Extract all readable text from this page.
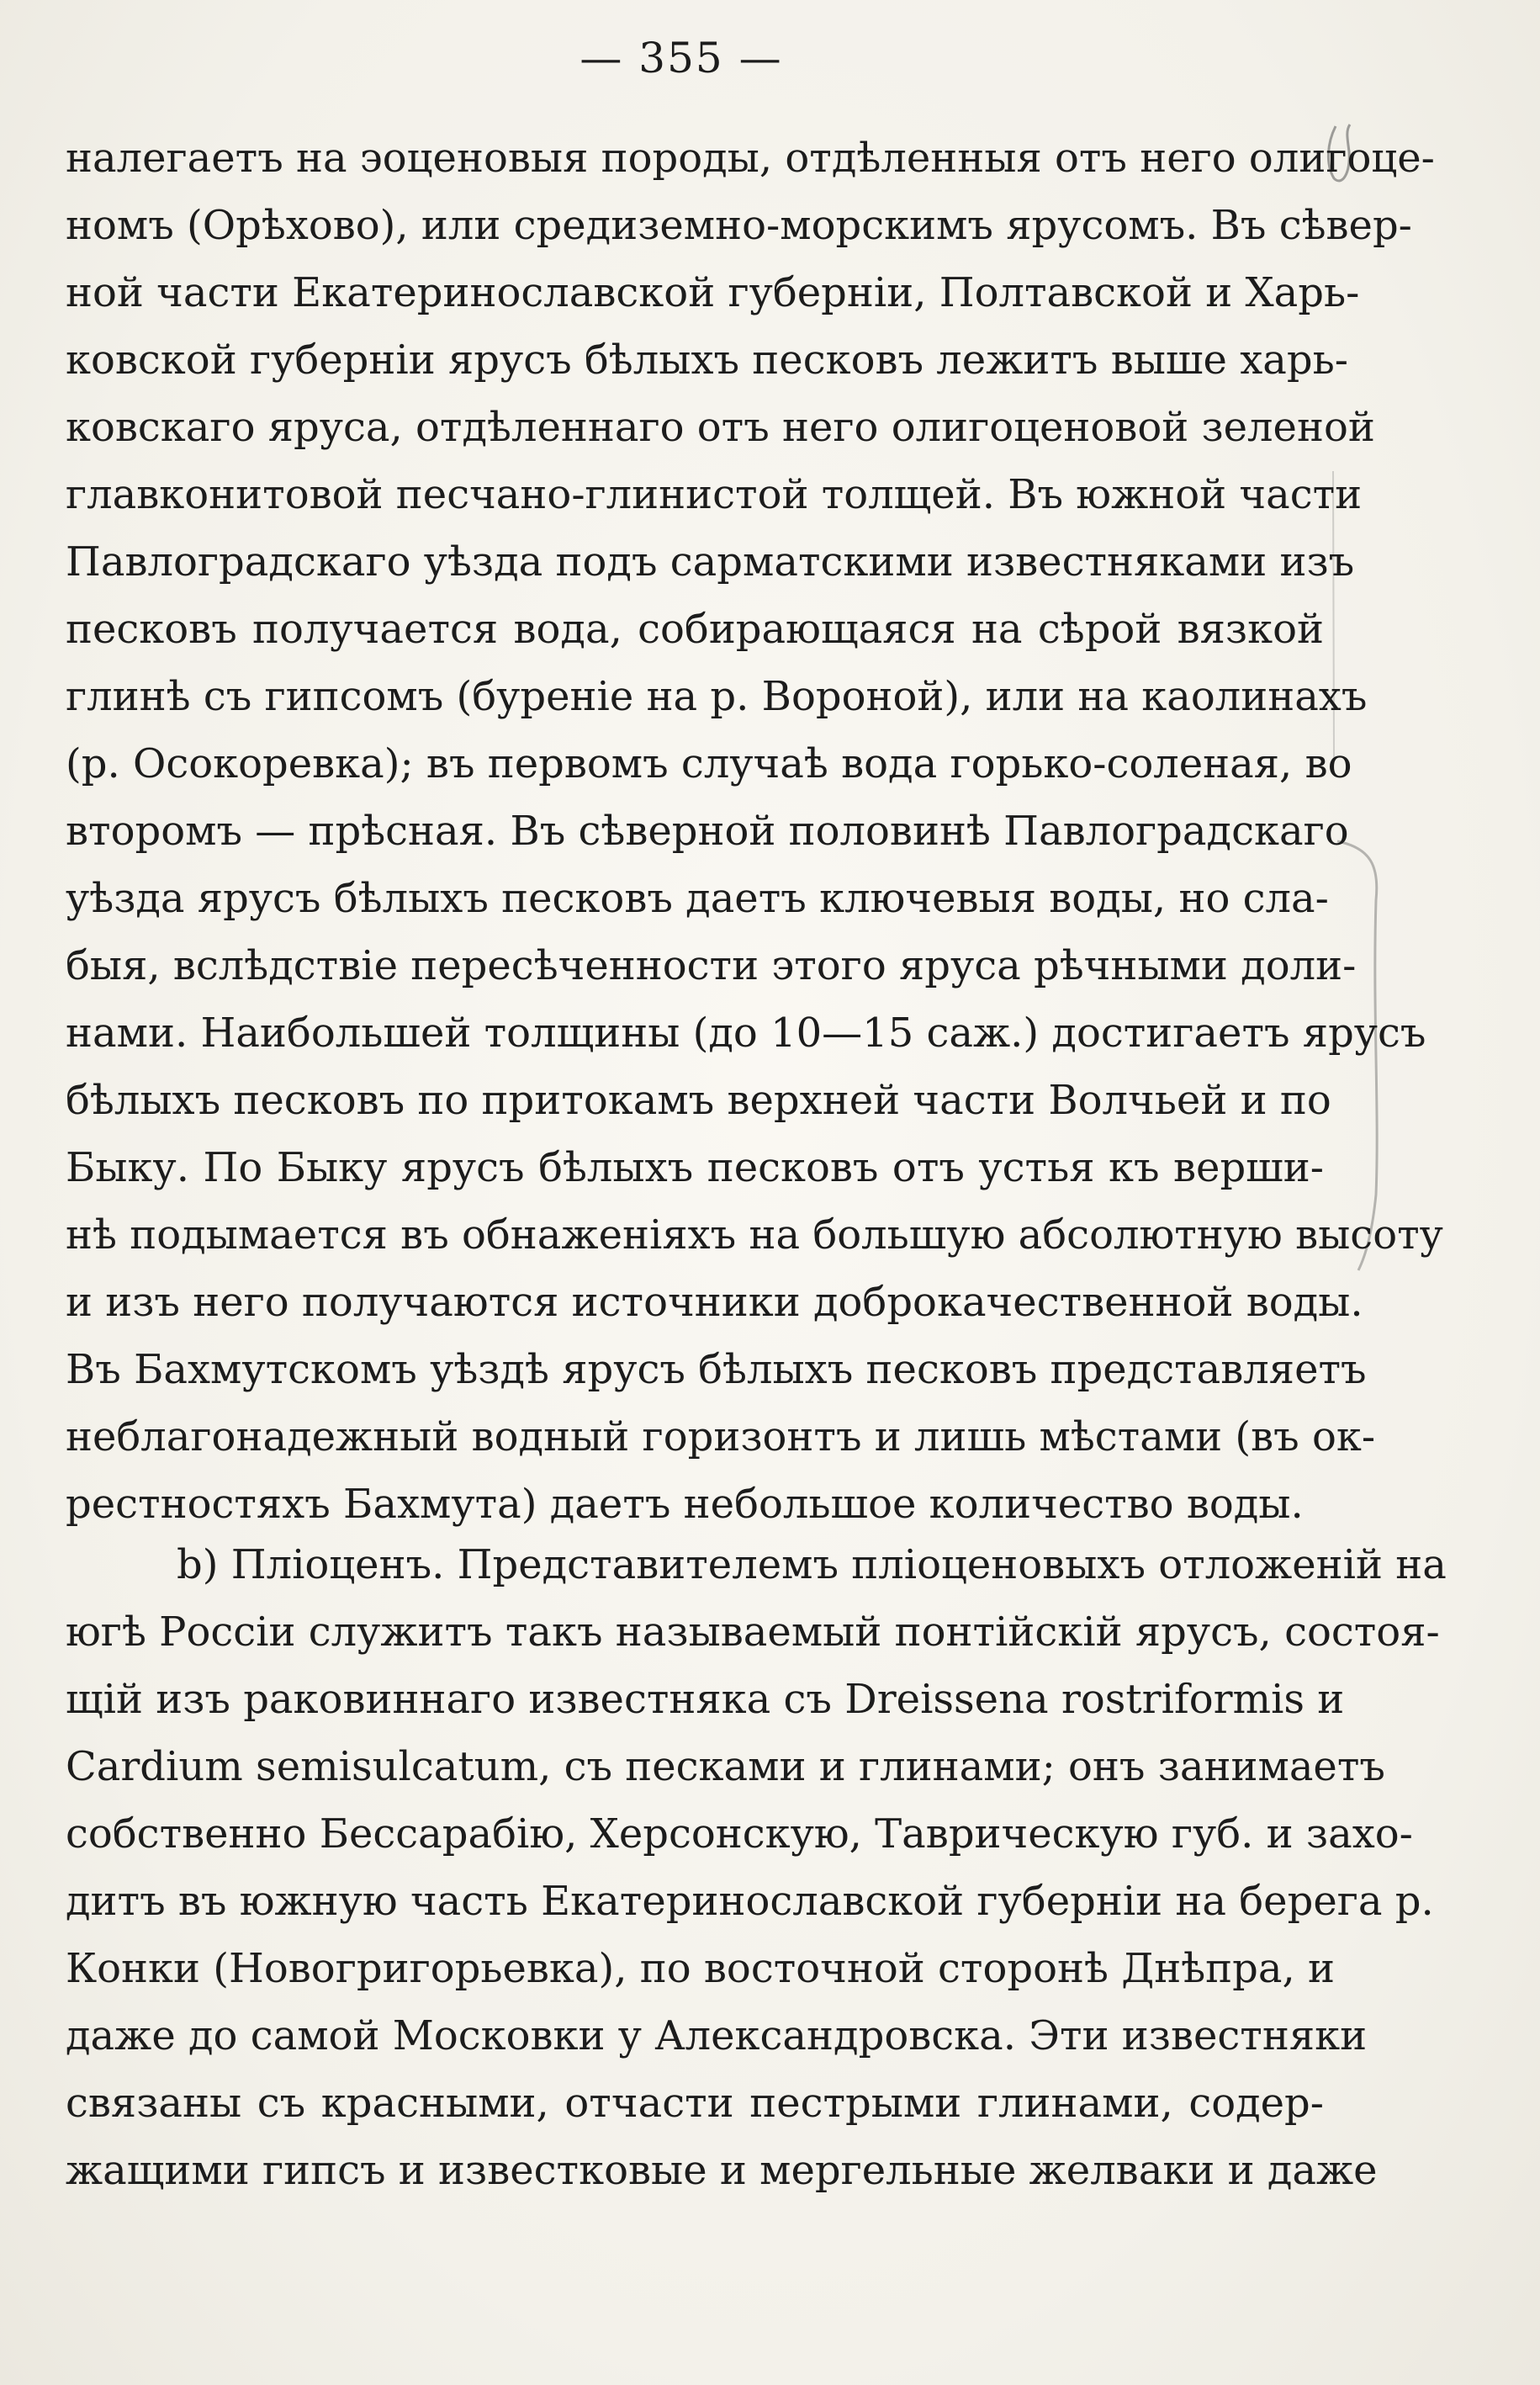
— 355 —
налегаетъ на эоценовыя породы, отдѣленныя отъ него олигоце-
номъ (Орѣхово), или средиземно-морскимъ ярусомъ. Въ сѣвер-
ной части Екатеринославской губерніи, Полтавской и Харь-
ковской губерніи ярусъ бѣлыхъ песковъ лежитъ выше харь-
ковскаго яруса, отдѣленнаго отъ него олигоценовой зеленой
главконитовой песчано-глинистой толщей. Въ южной части
Павлоградскаго уѣзда подъ сарматскими известняками изъ
песковъ получается вода, собирающаяся на сѣрой вязкой
глинѣ съ гипсомъ (буреніе на р. Вороной), или на каолинахъ
(р. Осокоревка); въ первомъ случаѣ вода горько-соленая, во
второмъ — прѣсная. Въ сѣверной половинѣ Павлоградскаго
уѣзда ярусъ бѣлыхъ песковъ даетъ ключевыя воды, но сла-
быя, вслѣдствіе пересѣченности этого яруса рѣчными доли-
нами. Наибольшей толщины (до 10—15 саж.) достигаетъ ярусъ
бѣлыхъ песковъ по притокамъ верхней части Волчьей и по
Быку. По Быку ярусъ бѣлыхъ песковъ отъ устья къ верши-
нѣ подымается въ обнаженіяхъ на большую абсолютную высоту
и изъ него получаются источники доброкачественной воды.
Въ Бахмутскомъ уѣздѣ ярусъ бѣлыхъ песковъ представляетъ
неблагонадежный водный горизонтъ и лишь мѣстами (въ ок-
рестностяхъ Бахмута) даетъ небольшое количество воды.
b) Пліоценъ. Представителемъ пліоценовыхъ отложеній на
югѣ Россіи служитъ такъ называемый понтійскій ярусъ, состоя-
щій изъ раковиннаго известняка съ Dreissena rostriformis и
Cardium semisulcatum, съ песками и глинами; онъ занимаетъ
собственно Бессарабію, Херсонскую, Таврическую губ. и захо-
дитъ въ южную часть Екатеринославской губерніи на берега р.
Конки (Новогригорьевка), по восточной сторонѣ Днѣпра, и
даже до самой Московки у Александровска. Эти известняки
связаны съ красными, отчасти пестрыми глинами, содер-
жащими гипсъ и известковые и мергельные желваки и даже
